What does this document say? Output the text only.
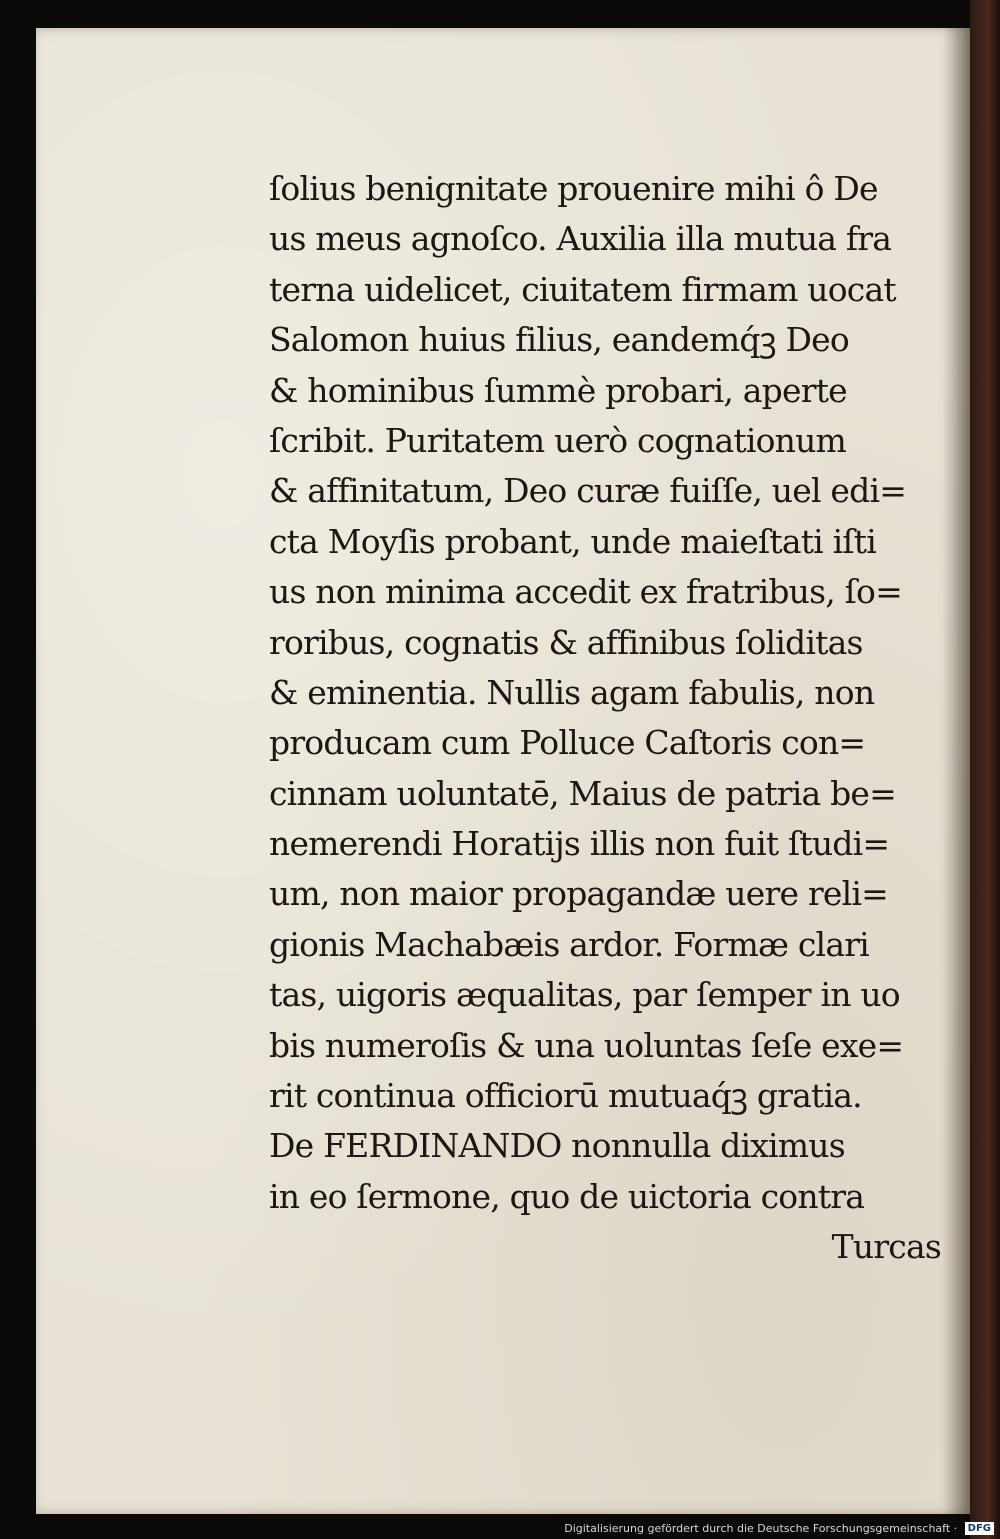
ſolius benignitate prouenire mihi ô De
us meus agnoſco. Auxilia illa mutua fra
terna uidelicet, ciuitatem firmam uocat
Salomon huius filius, eandemq́ꝫ Deo
& hominibus ſummè probari, aperte
ſcribit. Puritatem uerò cognationum
& affinitatum, Deo curæ fuiſſe, uel edi=
cta Moyſis probant, unde maieſtati iſti
us non minima accedit ex fratribus, ſo=
roribus, cognatis & affinibus ſoliditas
& eminentia. Nullis agam fabulis, non
producam cum Polluce Caſtoris con=
cinnam uoluntatē, Maius de patria be=
nemerendi Horatijs illis non fuit ſtudi=
um, non maior propagandæ uere reli=
gionis Machabæis ardor. Formæ clari
tas, uigoris æqualitas, par ſemper in uo
bis numeroſis & una uoluntas ſeſe exe=
rit continua officiorū mutuaq́ꝫ gratia.
De FERDINANDO nonnulla diximus
in eo ſermone, quo de uictoria contra
Turcas
Digitalisierung gefördert durch die Deutsche Forschungsgemeinschaft · DFG
